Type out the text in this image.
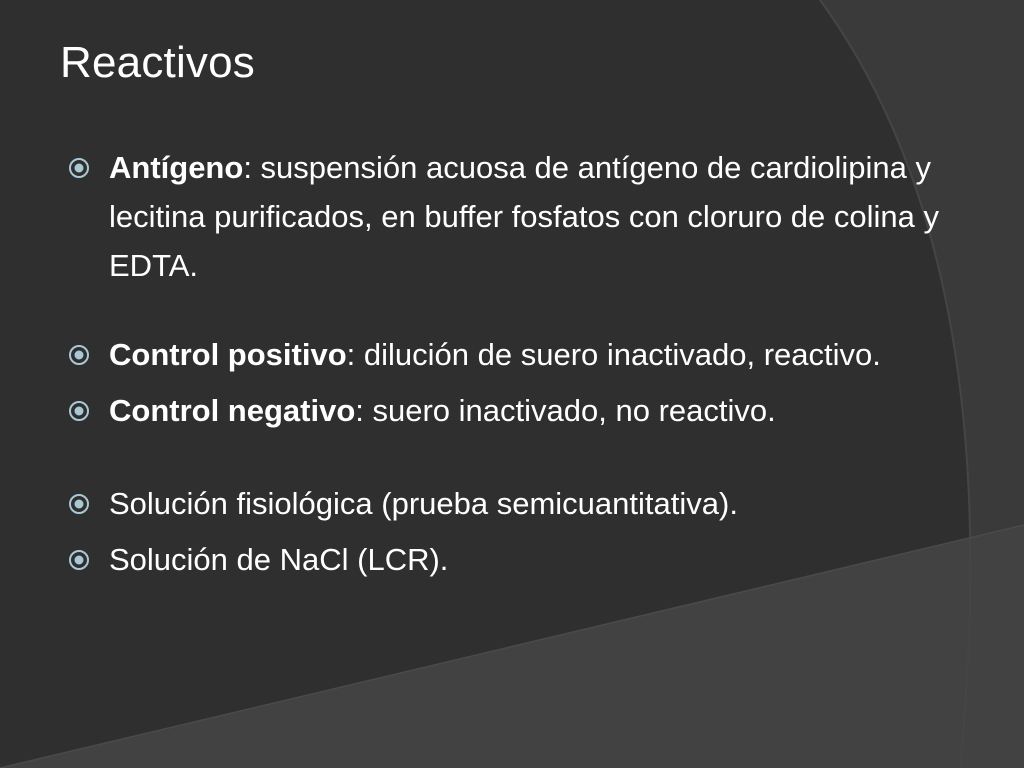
Reactivos
Antígeno: suspensión acuosa de antígeno de cardiolipina y lecitina purificados, en buffer fosfatos con cloruro de colina y EDTA.
Control positivo: dilución de suero inactivado, reactivo.
Control negativo: suero inactivado, no reactivo.
Solución fisiológica (prueba semicuantitativa).
Solución de NaCl (LCR).
